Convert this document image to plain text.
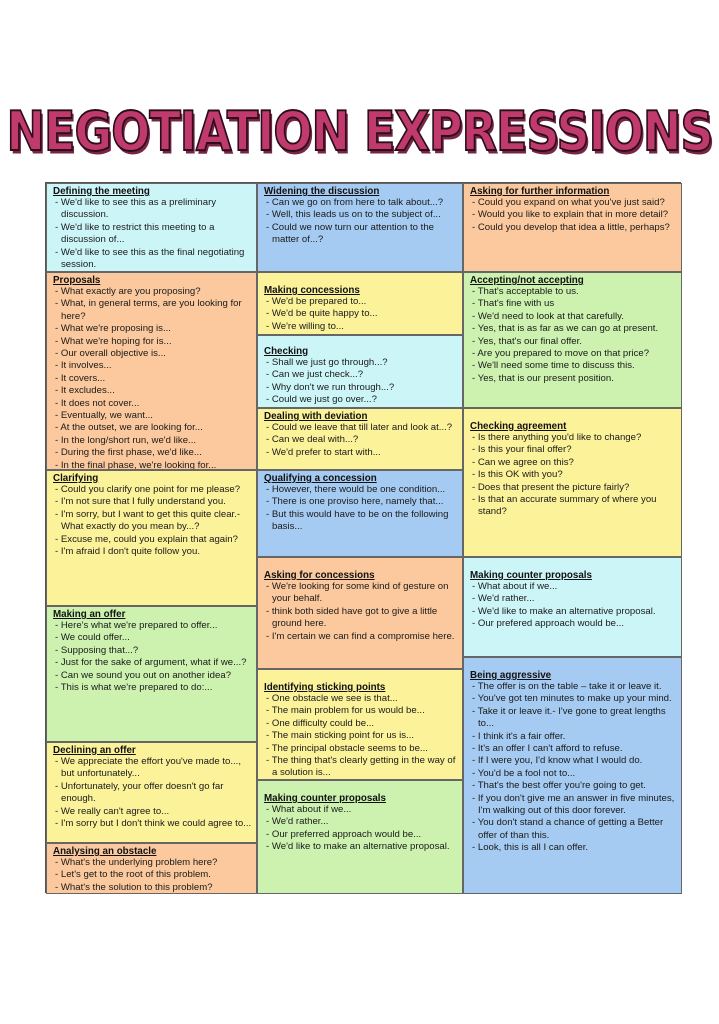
NEGOTIATION EXPRESSIONS
Defining the meeting
- We'd like to see this as a preliminary discussion.
- We'd like to restrict this meeting to a discussion of...
- We'd like to see this as the final negotiating session.
Proposals
- What exactly are you proposing?
- What, in general terms, are you looking for here?
- What we're proposing is...
- What we're hoping for is...
- Our overall objective is...
- It involves...
- It covers...
- It excludes...
- It does not cover...
- Eventually, we want...
- At the outset, we are looking for...
- In the long/short run, we'd like...
- During the first phase, we'd like...
- In the final phase, we're looking for...
Clarifying
- Could you clarify one point for me please?
- I'm not sure that I fully understand you.
- I'm sorry, but I want to get this quite clear.- What exactly do you mean by...?
- Excuse me, could you explain that again?
- I'm afraid I don't quite follow you.
Making an offer
- Here's what we're prepared to offer...
- We could offer...
- Supposing that...?
- Just for the sake of argument, what if we...?
- Can we sound you out on another idea?
- This is what we're prepared to do:...
Declining an offer
- We appreciate the effort you've made to..., but unfortunately...
- Unfortunately, your offer doesn't go far enough.
- We really can't agree to...
- I'm sorry but I don't think we could agree to...
Analysing an obstacle
- What's the underlying problem here?
- Let's get to the root of this problem.
- What's the solution to this problem?
Widening the discussion
- Can we go on from here to talk about...?
- Well, this leads us on to the subject of...
- Could we now turn our attention to the matter of...?
Making concessions
- We'd be prepared to...
- We'd be quite happy to...
- We're willing to...
Checking
- Shall we just go through...?
- Can we just check...?
- Why don't we run through...?
- Could we just go over...?
Dealing with deviation
- Could we leave that till later and look at...?
- Can we deal with...?
- We'd prefer to start with...
Qualifying a concession
- However, there would be one condition...
- There is one proviso here, namely that...
- But this would have to be on the following basis...
Asking for concessions
- We're looking for some kind of gesture on your behalf.
- think both sided have got to give a little ground here.
- I'm certain we can find a compromise here.
Identifying sticking points
- One obstacle we see is that...
- The main problem for us would be...
- One difficulty could be...
- The main sticking point for us is...
- The principal obstacle seems to be...
- The thing that's clearly getting in the way of a solution is...
Making counter proposals
- What about if we...
- We'd rather...
- Our preferred approach would be...
- We'd like to make an alternative proposal.
Asking for further information
- Could you expand on what you've just said?
- Would you like to explain that in more detail?
- Could you develop that idea a little, perhaps?
Accepting/not accepting
- That's acceptable to us.
- That's fine with us
- We'd need to look at that carefully.
- Yes, that is as far as we can go at present.
- Yes, that's our final offer.
- Are you prepared to move on that price?
- We'll need some time to discuss this.
- Yes, that is our present position.
Checking agreement
- Is there anything you'd like to change?
- Is this your final offer?
- Can we agree on this?
- Is this OK with you?
- Does that present the picture fairly?
- Is that an accurate summary of where you stand?
Making counter proposals
- What about if we...
- We'd rather...
- We'd like to make an alternative proposal.
- Our prefered approach would be...
Being aggressive
- The offer is on the table – take it or leave it.
- You've got ten minutes to make up your mind.
- Take it or leave it.- I've gone to great lengths to...
- I think it's a fair offer.
- It's an offer I can't afford to refuse.
- If I were you, I'd know what I would do.
- You'd be a fool not to...
- That's the best offer you're going to get.
- If you don't give me an answer in five minutes, I'm walking out of this door forever.
- You don't stand a chance of getting a Better offer of than this.
- Look, this is all I can offer.
